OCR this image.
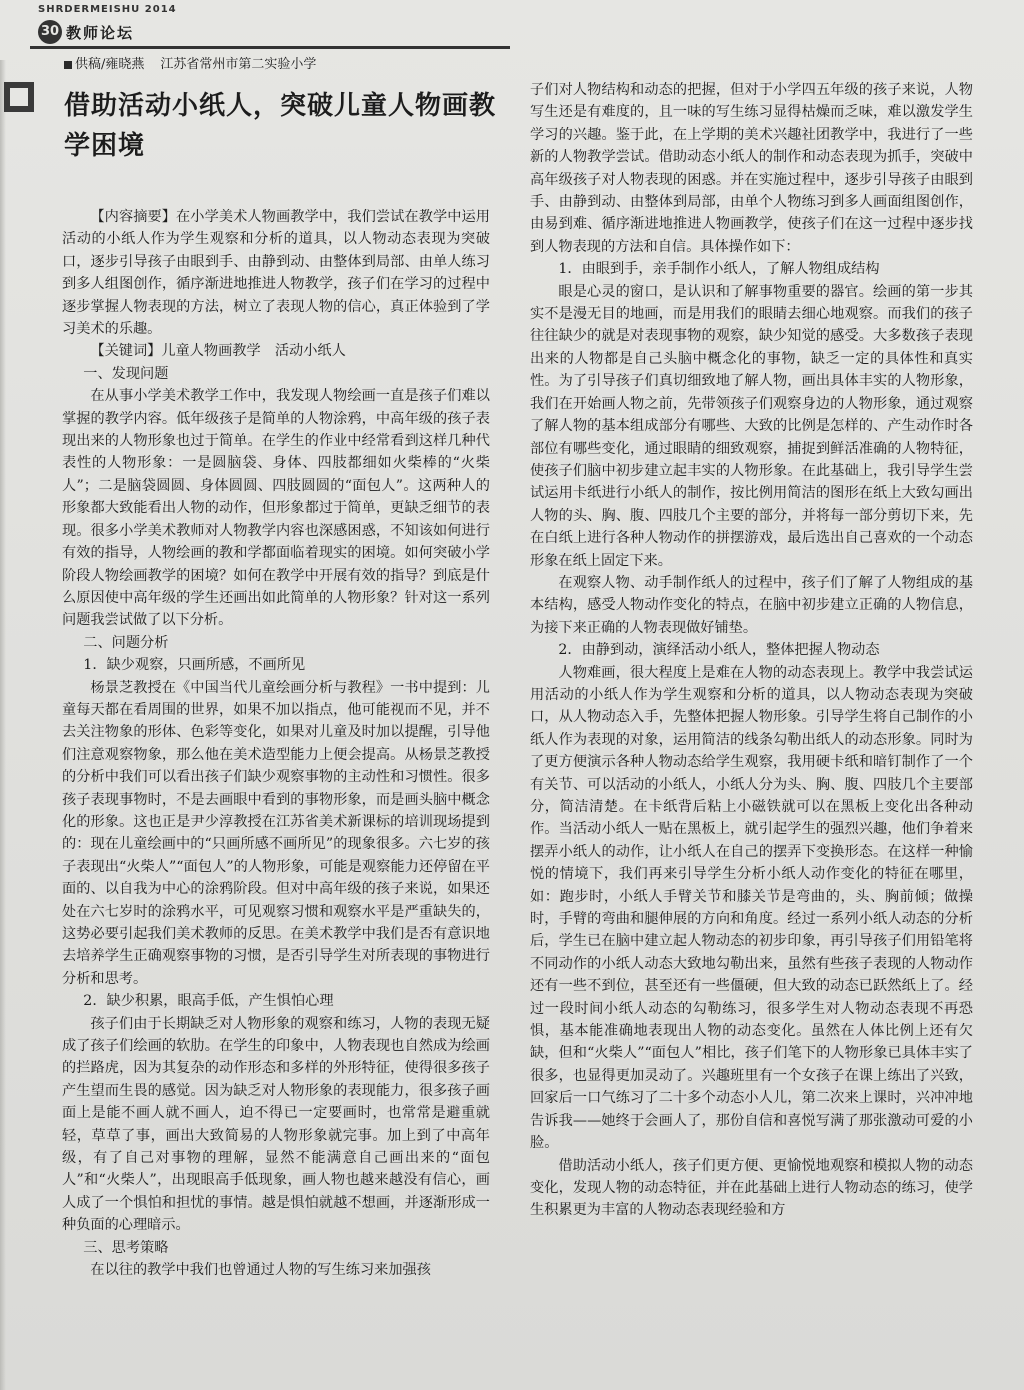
SHRDERMEISHU 2014
30 教师论坛
供稿/雍晓燕 江苏省常州市第二实验小学
借助活动小纸人，突破儿童人物画教学困境

【内容摘要】在小学美术人物画教学中，我们尝试在教学中运用活动的小纸人作为学生观察和分析的道具，以人物动态表现为突破口，逐步引导孩子由眼到手、由静到动、由整体到局部、由单人练习到多人组图创作，循序渐进地推进人物教学，孩子们在学习的过程中逐步掌握人物表现的方法，树立了表现人物的信心，真正体验到了学习美术的乐趣。

【关键词】儿童人物画教学　活动小纸人

一、发现问题

在从事小学美术教学工作中，我发现人物绘画一直是孩子们难以掌握的教学内容。低年级孩子是简单的人物涂鸦，中高年级的孩子表现出来的人物形象也过于简单。在学生的作业中经常看到这样几种代表性的人物形象：一是圆脑袋、身体、四肢都细如火柴棒的“火柴人”；二是脑袋圆圆、身体圆圆、四肢圆圆的“面包人”。这两种人的形象都大致能看出人物的动作，但形象都过于简单，更缺乏细节的表现。很多小学美术教师对人物教学内容也深感困惑，不知该如何进行有效的指导，人物绘画的教和学都面临着现实的困境。如何突破小学阶段人物绘画教学的困境？如何在教学中开展有效的指导？到底是什么原因使中高年级的学生还画出如此简单的人物形象？针对这一系列问题我尝试做了以下分析。

二、问题分析

1．缺少观察，只画所感，不画所见

杨景芝教授在《中国当代儿童绘画分析与教程》一书中提到：儿童每天都在看周围的世界，如果不加以指点，他可能视而不见，并不去关注物象的形体、色彩等变化，如果对儿童及时加以提醒，引导他们注意观察物象，那么他在美术造型能力上便会提高。从杨景芝教授的分析中我们可以看出孩子们缺少观察事物的主动性和习惯性。很多孩子表现事物时，不是去画眼中看到的事物形象，而是画头脑中概念化的形象。这也正是尹少淳教授在江苏省美术新课标的培训现场提到的：现在儿童绘画中的“只画所感不画所见”的现象很多。六七岁的孩子表现出“火柴人”“面包人”的人物形象，可能是观察能力还停留在平面的、以自我为中心的涂鸦阶段。但对中高年级的孩子来说，如果还处在六七岁时的涂鸦水平，可见观察习惯和观察水平是严重缺失的，这势必要引起我们美术教师的反思。在美术教学中我们是否有意识地去培养学生正确观察事物的习惯，是否引导学生对所表现的事物进行分析和思考。

2．缺少积累，眼高手低，产生惧怕心理

孩子们由于长期缺乏对人物形象的观察和练习，人物的表现无疑成了孩子们绘画的软肋。在学生的印象中，人物表现也自然成为绘画的拦路虎，因为其复杂的动作形态和多样的外形特征，使得很多孩子产生望而生畏的感觉。因为缺乏对人物形象的表现能力，很多孩子画面上是能不画人就不画人，迫不得已一定要画时，也常常是避重就轻，草草了事，画出大致简易的人物形象就完事。加上到了中高年级，有了自己对事物的理解，显然不能满意自己画出来的“面包人”和“火柴人”，出现眼高手低现象，画人物也越来越没有信心，画人成了一个惧怕和担忧的事情。越是惧怕就越不想画，并逐渐形成一种负面的心理暗示。

三、思考策略

在以往的教学中我们也曾通过人物的写生练习来加强孩

子们对人物结构和动态的把握，但对于小学四五年级的孩子来说，人物写生还是有难度的，且一味的写生练习显得枯燥而乏味，难以激发学生学习的兴趣。鉴于此，在上学期的美术兴趣社团教学中，我进行了一些新的人物教学尝试。借助动态小纸人的制作和动态表现为抓手，突破中高年级孩子对人物表现的困惑。并在实施过程中，逐步引导孩子由眼到手、由静到动、由整体到局部，由单个人物练习到多人画面组图创作，由易到难、循序渐进地推进人物画教学，使孩子们在这一过程中逐步找到人物表现的方法和自信。具体操作如下：

1．由眼到手，亲手制作小纸人，了解人物组成结构

眼是心灵的窗口，是认识和了解事物重要的器官。绘画的第一步其实不是漫无目的地画，而是用我们的眼睛去细心地观察。而我们的孩子往往缺少的就是对表现事物的观察，缺少知觉的感受。大多数孩子表现出来的人物都是自己头脑中概念化的事物，缺乏一定的具体性和真实性。为了引导孩子们真切细致地了解人物，画出具体丰实的人物形象，我们在开始画人物之前，先带领孩子们观察身边的人物形象，通过观察了解人物的基本组成部分有哪些、大致的比例是怎样的、产生动作时各部位有哪些变化，通过眼睛的细致观察，捕捉到鲜活准确的人物特征，使孩子们脑中初步建立起丰实的人物形象。在此基础上，我引导学生尝试运用卡纸进行小纸人的制作，按比例用简洁的图形在纸上大致勾画出人物的头、胸、腹、四肢几个主要的部分，并将每一部分剪切下来，先在白纸上进行各种人物动作的拼摆游戏，最后选出自己喜欢的一个动态形象在纸上固定下来。

在观察人物、动手制作纸人的过程中，孩子们了解了人物组成的基本结构，感受人物动作变化的特点，在脑中初步建立正确的人物信息，为接下来正确的人物表现做好铺垫。

2．由静到动，演绎活动小纸人，整体把握人物动态

人物难画，很大程度上是难在人物的动态表现上。教学中我尝试运用活动的小纸人作为学生观察和分析的道具，以人物动态表现为突破口，从人物动态入手，先整体把握人物形象。引导学生将自己制作的小纸人作为表现的对象，运用简洁的线条勾勒出纸人的动态形象。同时为了更方便演示各种人物动态给学生观察，我用硬卡纸和暗钉制作了一个有关节、可以活动的小纸人，小纸人分为头、胸、腹、四肢几个主要部分，简洁清楚。在卡纸背后粘上小磁铁就可以在黑板上变化出各种动作。当活动小纸人一贴在黑板上，就引起学生的强烈兴趣，他们争着来摆弄小纸人的动作，让小纸人在自己的摆弄下变换形态。在这样一种愉悦的情境下，我们再来引导学生分析小纸人动作变化的特征在哪里，如：跑步时，小纸人手臂关节和膝关节是弯曲的，头、胸前倾；做操时，手臂的弯曲和腿伸展的方向和角度。经过一系列小纸人动态的分析后，学生已在脑中建立起人物动态的初步印象，再引导孩子们用铅笔将不同动作的小纸人动态大致地勾勒出来，虽然有些孩子表现的人物动作还有一些不到位，甚至还有一些僵硬，但大致的动态已跃然纸上了。经过一段时间小纸人动态的勾勒练习，很多学生对人物动态表现不再恐惧，基本能准确地表现出人物的动态变化。虽然在人体比例上还有欠缺，但和“火柴人”“面包人”相比，孩子们笔下的人物形象已具体丰实了很多，也显得更加灵动了。兴趣班里有一个女孩子在课上练出了兴致，回家后一口气练习了二十多个动态小人儿，第二次来上课时，兴冲冲地告诉我——她终于会画人了，那份自信和喜悦写满了那张激动可爱的小脸。

借助活动小纸人，孩子们更方便、更愉悦地观察和模拟人物的动态变化，发现人物的动态特征，并在此基础上进行人物动态的练习，使学生积累更为丰富的人物动态表现经验和方
